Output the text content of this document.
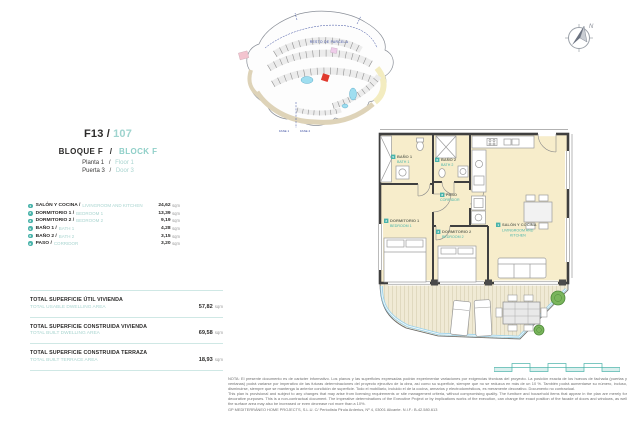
RESTO DE PARCELA
FASE 1	FASE 2
N
F13 / 107
BLOQUE F / BLOCK F
Planta 1 / Floor 1
Puerta 3 / Door 3
1 SALÓN Y COCINA / LIVINGROOM AND KITCHEN	24,62 sqm
2 DORMITORIO 1 / BEDROOM 1	13,39 sqm
3 DORMITORIO 2 / BEDROOM 2	9,19 sqm
5 BAÑO 1 / BATH 1	4,28 sqm
6 BAÑO 2 / BATH 2	3,15 sqm
8 PASO / CORRIDOR	3,20 sqm
TOTAL SUPERFICIE ÚTIL VIVIENDA
TOTAL USABLE DWELLING AREA	57,82 sqm
TOTAL SUPERFICIE CONSTRUIDA VIVIENDA
TOTAL BUILT DWELLING AREA	69,58 sqm
TOTAL SUPERFICIE CONSTRUIDA TERRAZA
TOTAL BUILT TERRACE AREA	18,93 sqm
5 BAÑO 1
BATH 1	6 BAÑO 2
BATH 2
8 PASO
CORRIDOR
2 DORMITORIO 1
BEDROOM 1
3 DORMITORIO 2
BEDROOM 2
1 SALÓN Y COCINA
LIVINGROOM AND
KITCHEN

NOTA: El presente documento es de carácter informativo. Los planos y las superficies expresadas podrán experimentar variaciones por exigencias técnicas del proyecto. La posición exacta de los huecos de fachada (puertas y ventanas) podrá variarse por imperativo de las futuras determinaciones del proyecto ejecutivo de la obra, así como su superficie, siempre que no se reduzca en más de un 10 %. También podrá aumentarse su número, incluso, disminuirse, siempre que se mantenga la anterior condición de superficie. Todo el mobiliario, incluido el de la cocina, armarios y electrodomésticos, es meramente decorativo. Documento no contractual.

This plan is provisional and subject to any changes that may arise from licensing requirements or site management criteria, without compromising quality. The furniture and household items that appear in the plan are merely for decorative purposes. This is a non-contractual document. The imperative determinations of the Executive Project or by implications works of the execution, can change the exact position of the facade of doors and windows, as well the surface area may also be increased or even decrease not more than a 10%.

GP MEDITERRÁNEO HOME PROJECTS, S.L.U. C/ Periodista Pirula Arderius, Nº 4, 03001 Alicante. N.I.F.: B-42.580.613
